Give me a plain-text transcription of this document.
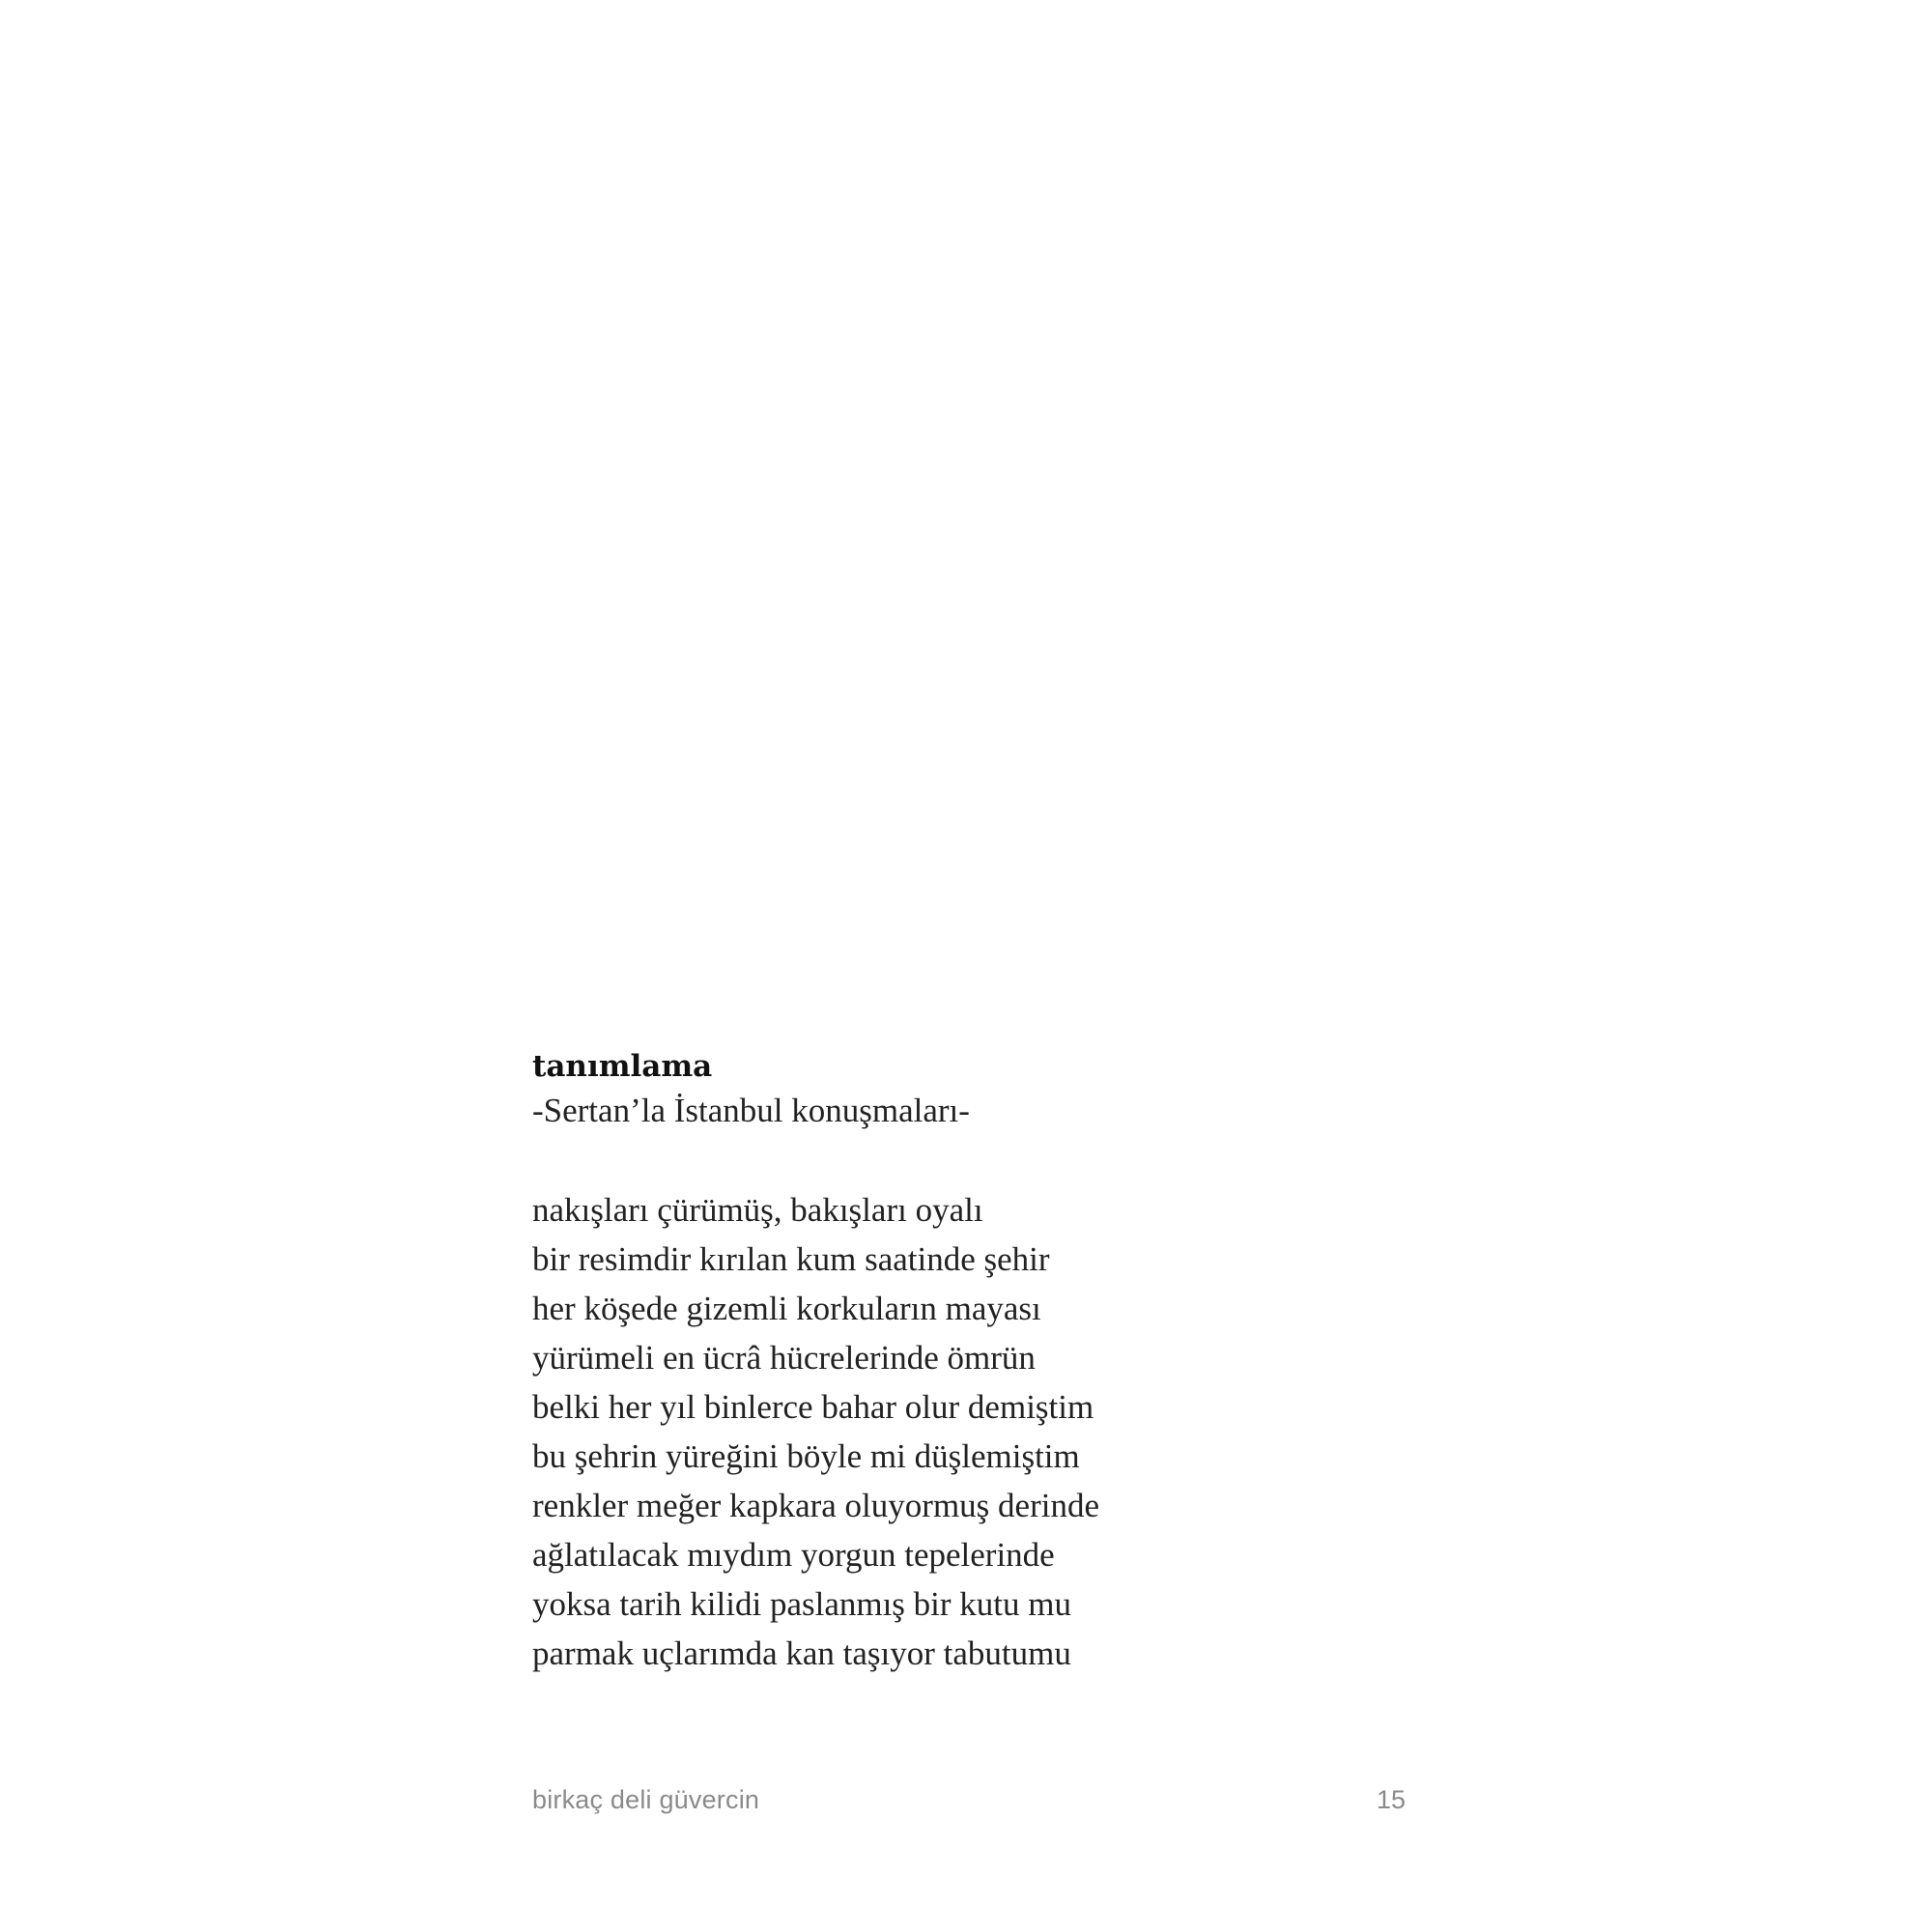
tanımlama
-Sertan’la İstanbul konuşmaları-
nakışları çürümüş, bakışları oyalı
bir resimdir kırılan kum saatinde şehir
her köşede gizemli korkuların mayası
yürümeli en ücrâ hücrelerinde ömrün
belki her yıl binlerce bahar olur demiştim
bu şehrin yüreğini böyle mi düşlemiştim
renkler meğer kapkara oluyormuş derinde
ağlatılacak mıydım yorgun tepelerinde
yoksa tarih kilidi paslanmış bir kutu mu
parmak uçlarımda kan taşıyor tabutumu
birkaç deli güvercin	15
